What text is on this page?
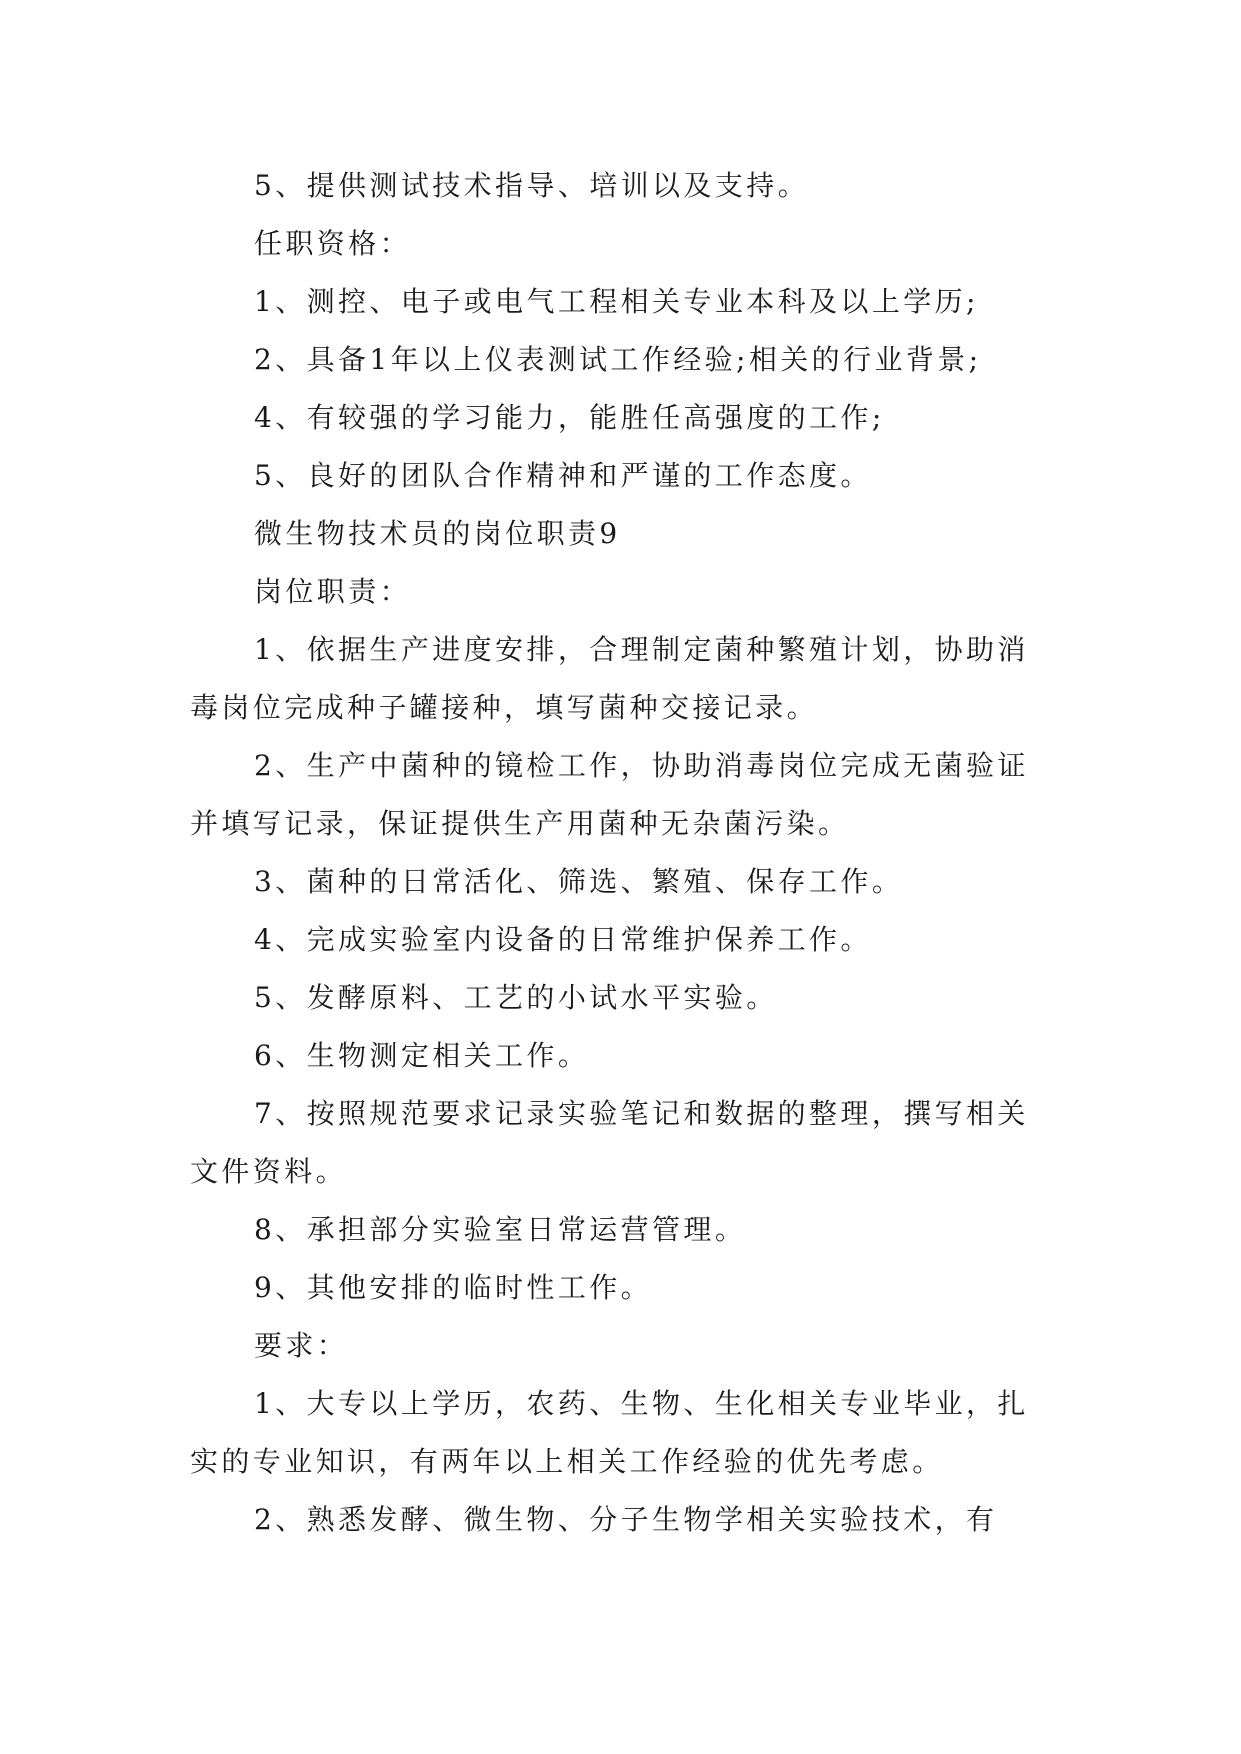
5、提供测试技术指导、培训以及支持。

任职资格：

1、测控、电子或电气工程相关专业本科及以上学历;

2、具备1年以上仪表测试工作经验;相关的行业背景;

4、有较强的学习能力，能胜任高强度的工作;

5、良好的团队合作精神和严谨的工作态度。

微生物技术员的岗位职责9

岗位职责：

1、依据生产进度安排，合理制定菌种繁殖计划，协助消毒岗位完成种子罐接种，填写菌种交接记录。

2、生产中菌种的镜检工作，协助消毒岗位完成无菌验证并填写记录，保证提供生产用菌种无杂菌污染。

3、菌种的日常活化、筛选、繁殖、保存工作。

4、完成实验室内设备的日常维护保养工作。

5、发酵原料、工艺的小试水平实验。

6、生物测定相关工作。

7、按照规范要求记录实验笔记和数据的整理，撰写相关文件资料。

8、承担部分实验室日常运营管理。

9、其他安排的临时性工作。

要求：

1、大专以上学历，农药、生物、生化相关专业毕业，扎实的专业知识，有两年以上相关工作经验的优先考虑。

2、熟悉发酵、微生物、分子生物学相关实验技术，有
